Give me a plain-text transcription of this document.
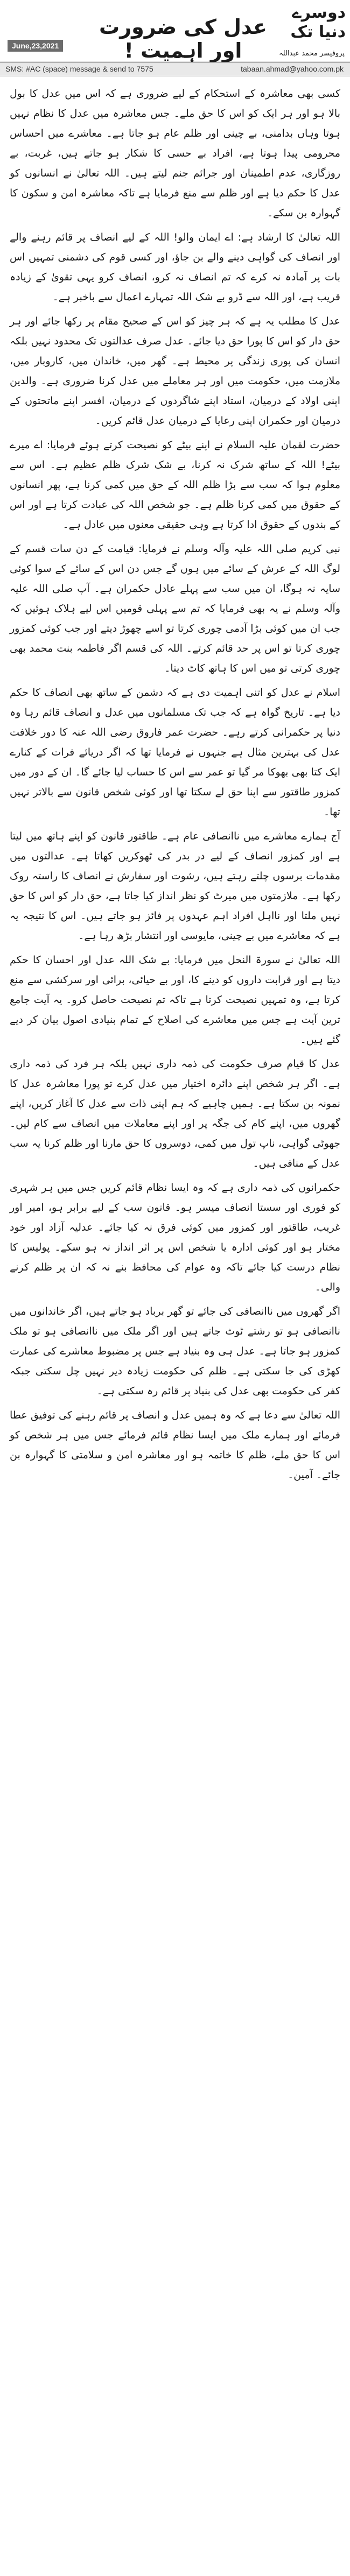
June,23,2021
عدل کی ضرورت اور اہمیت !
دوسرے
دنیا تک
پروفیسر محمد عبداللہ
SMS: #AC (space) message & send to 7575	tabaan.ahmad@yahoo.com.pk

کسی بھی معاشرہ کے استحکام کے لیے ضروری ہے کہ اس میں عدل کا بول بالا ہو اور ہر ایک کو اس کا حق ملے۔ جس معاشرہ میں عدل کا نظام نہیں ہوتا وہاں بدامنی، بے چینی اور ظلم عام ہو جاتا ہے۔ معاشرے میں احساس محرومی پیدا ہوتا ہے، افراد بے حسی کا شکار ہو جاتے ہیں، غربت، بے روزگاری، عدم اطمینان اور جرائم جنم لیتے ہیں۔ اللہ تعالیٰ نے انسانوں کو عدل کا حکم دیا ہے اور ظلم سے منع فرمایا ہے تاکہ معاشرہ امن و سکون کا گہوارہ بن سکے۔

اللہ تعالیٰ کا ارشاد ہے: اے ایمان والو! اللہ کے لیے انصاف پر قائم رہنے والے اور انصاف کی گواہی دینے والے بن جاؤ، اور کسی قوم کی دشمنی تمہیں اس بات پر آمادہ نہ کرے کہ تم انصاف نہ کرو، انصاف کرو یہی تقویٰ کے زیادہ قریب ہے، اور اللہ سے ڈرو بے شک اللہ تمہارے اعمال سے باخبر ہے۔

عدل کا مطلب یہ ہے کہ ہر چیز کو اس کے صحیح مقام پر رکھا جائے اور ہر حق دار کو اس کا پورا حق دیا جائے۔ عدل صرف عدالتوں تک محدود نہیں بلکہ انسان کی پوری زندگی پر محیط ہے۔ گھر میں، خاندان میں، کاروبار میں، ملازمت میں، حکومت میں اور ہر معاملے میں عدل کرنا ضروری ہے۔ والدین اپنی اولاد کے درمیان، استاد اپنے شاگردوں کے درمیان، افسر اپنے ماتحتوں کے درمیان اور حکمران اپنی رعایا کے درمیان عدل قائم کریں۔

حضرت لقمان علیہ السلام نے اپنے بیٹے کو نصیحت کرتے ہوئے فرمایا: اے میرے بیٹے! اللہ کے ساتھ شرک نہ کرنا، بے شک شرک ظلم عظیم ہے۔ اس سے معلوم ہوا کہ سب سے بڑا ظلم اللہ کے حق میں کمی کرنا ہے، پھر انسانوں کے حقوق میں کمی کرنا ظلم ہے۔ جو شخص اللہ کی عبادت کرتا ہے اور اس کے بندوں کے حقوق ادا کرتا ہے وہی حقیقی معنوں میں عادل ہے۔

نبی کریم صلی اللہ علیہ وآلہ وسلم نے فرمایا: قیامت کے دن سات قسم کے لوگ اللہ کے عرش کے سائے میں ہوں گے جس دن اس کے سائے کے سوا کوئی سایہ نہ ہوگا، ان میں سب سے پہلے عادل حکمران ہے۔ آپ صلی اللہ علیہ وآلہ وسلم نے یہ بھی فرمایا کہ تم سے پہلی قومیں اس لیے ہلاک ہوئیں کہ جب ان میں کوئی بڑا آدمی چوری کرتا تو اسے چھوڑ دیتے اور جب کوئی کمزور چوری کرتا تو اس پر حد قائم کرتے۔ اللہ کی قسم اگر فاطمہ بنت محمد بھی چوری کرتی تو میں اس کا ہاتھ کاٹ دیتا۔

اسلام نے عدل کو اتنی اہمیت دی ہے کہ دشمن کے ساتھ بھی انصاف کا حکم دیا ہے۔ تاریخ گواہ ہے کہ جب تک مسلمانوں میں عدل و انصاف قائم رہا وہ دنیا پر حکمرانی کرتے رہے۔ حضرت عمر فاروق رضی اللہ عنہ کا دور خلافت عدل کی بہترین مثال ہے جنہوں نے فرمایا تھا کہ اگر دریائے فرات کے کنارے ایک کتا بھی بھوکا مر گیا تو عمر سے اس کا حساب لیا جائے گا۔ ان کے دور میں کمزور طاقتور سے اپنا حق لے سکتا تھا اور کوئی شخص قانون سے بالاتر نہیں تھا۔

آج ہمارے معاشرے میں ناانصافی عام ہے۔ طاقتور قانون کو اپنے ہاتھ میں لیتا ہے اور کمزور انصاف کے لیے در بدر کی ٹھوکریں کھاتا ہے۔ عدالتوں میں مقدمات برسوں چلتے رہتے ہیں، رشوت اور سفارش نے انصاف کا راستہ روک رکھا ہے۔ ملازمتوں میں میرٹ کو نظر انداز کیا جاتا ہے، حق دار کو اس کا حق نہیں ملتا اور نااہل افراد اہم عہدوں پر فائز ہو جاتے ہیں۔ اس کا نتیجہ یہ ہے کہ معاشرے میں بے چینی، مایوسی اور انتشار بڑھ رہا ہے۔

اللہ تعالیٰ نے سورۃ النحل میں فرمایا: بے شک اللہ عدل اور احسان کا حکم دیتا ہے اور قرابت داروں کو دینے کا، اور بے حیائی، برائی اور سرکشی سے منع کرتا ہے، وہ تمہیں نصیحت کرتا ہے تاکہ تم نصیحت حاصل کرو۔ یہ آیت جامع ترین آیت ہے جس میں معاشرے کی اصلاح کے تمام بنیادی اصول بیان کر دیے گئے ہیں۔

عدل کا قیام صرف حکومت کی ذمہ داری نہیں بلکہ ہر فرد کی ذمہ داری ہے۔ اگر ہر شخص اپنے دائرہ اختیار میں عدل کرے تو پورا معاشرہ عدل کا نمونہ بن سکتا ہے۔ ہمیں چاہیے کہ ہم اپنی ذات سے عدل کا آغاز کریں، اپنے گھروں میں، اپنے کام کی جگہ پر اور اپنے معاملات میں انصاف سے کام لیں۔ جھوٹی گواہی، ناپ تول میں کمی، دوسروں کا حق مارنا اور ظلم کرنا یہ سب عدل کے منافی ہیں۔

حکمرانوں کی ذمہ داری ہے کہ وہ ایسا نظام قائم کریں جس میں ہر شہری کو فوری اور سستا انصاف میسر ہو۔ قانون سب کے لیے برابر ہو، امیر اور غریب، طاقتور اور کمزور میں کوئی فرق نہ کیا جائے۔ عدلیہ آزاد اور خود مختار ہو اور کوئی ادارہ یا شخص اس پر اثر انداز نہ ہو سکے۔ پولیس کا نظام درست کیا جائے تاکہ وہ عوام کی محافظ بنے نہ کہ ان پر ظلم کرنے والی۔

اگر گھروں میں ناانصافی کی جائے تو گھر برباد ہو جاتے ہیں، اگر خاندانوں میں ناانصافی ہو تو رشتے ٹوٹ جاتے ہیں اور اگر ملک میں ناانصافی ہو تو ملک کمزور ہو جاتا ہے۔ عدل ہی وہ بنیاد ہے جس پر مضبوط معاشرے کی عمارت کھڑی کی جا سکتی ہے۔ ظلم کی حکومت زیادہ دیر نہیں چل سکتی جبکہ کفر کی حکومت بھی عدل کی بنیاد پر قائم رہ سکتی ہے۔

اللہ تعالیٰ سے دعا ہے کہ وہ ہمیں عدل و انصاف پر قائم رہنے کی توفیق عطا فرمائے اور ہمارے ملک میں ایسا نظام قائم فرمائے جس میں ہر شخص کو اس کا حق ملے، ظلم کا خاتمہ ہو اور معاشرہ امن و سلامتی کا گہوارہ بن جائے۔ آمین۔
